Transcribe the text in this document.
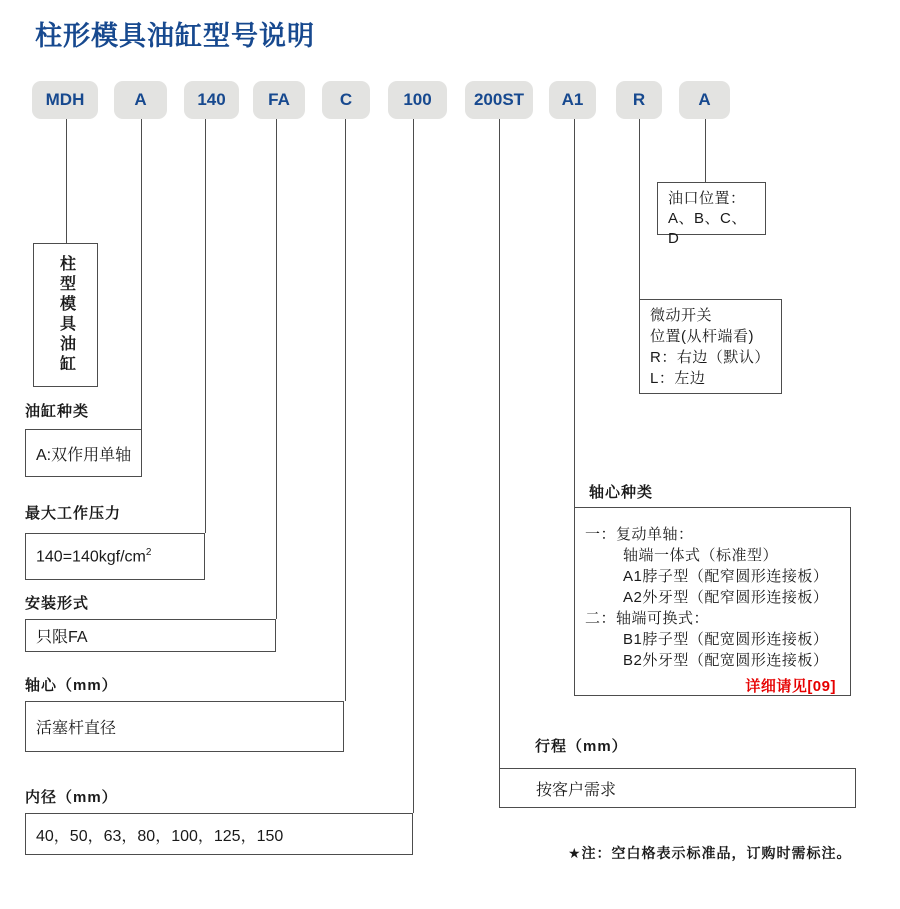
柱形模具油缸型号说明
MDH	A	140	FA	C	100	200ST	A1	R	A
柱型模具油缸
油缸种类
A:双作用单轴
最大工作压力
$140=140kgf/cm^2$
安装形式
只限FA
轴心（mm）
活塞杆直径
内径（mm）
40，50，63，80，100，125，150
行程（mm）
按客户需求
轴心种类
一：复动单轴：
轴端一体式（标准型）
A1脖子型（配窄圆形连接板）
A2外牙型（配窄圆形连接板）
二：轴端可换式：
B1脖子型（配宽圆形连接板）
B2外牙型（配宽圆形连接板）
详细请见[09]
微动开关
位置(从杆端看)
R：右边（默认）
L：左边
油口位置：
A、B、C、D
★注：空白格表示标准品，订购时需标注。
